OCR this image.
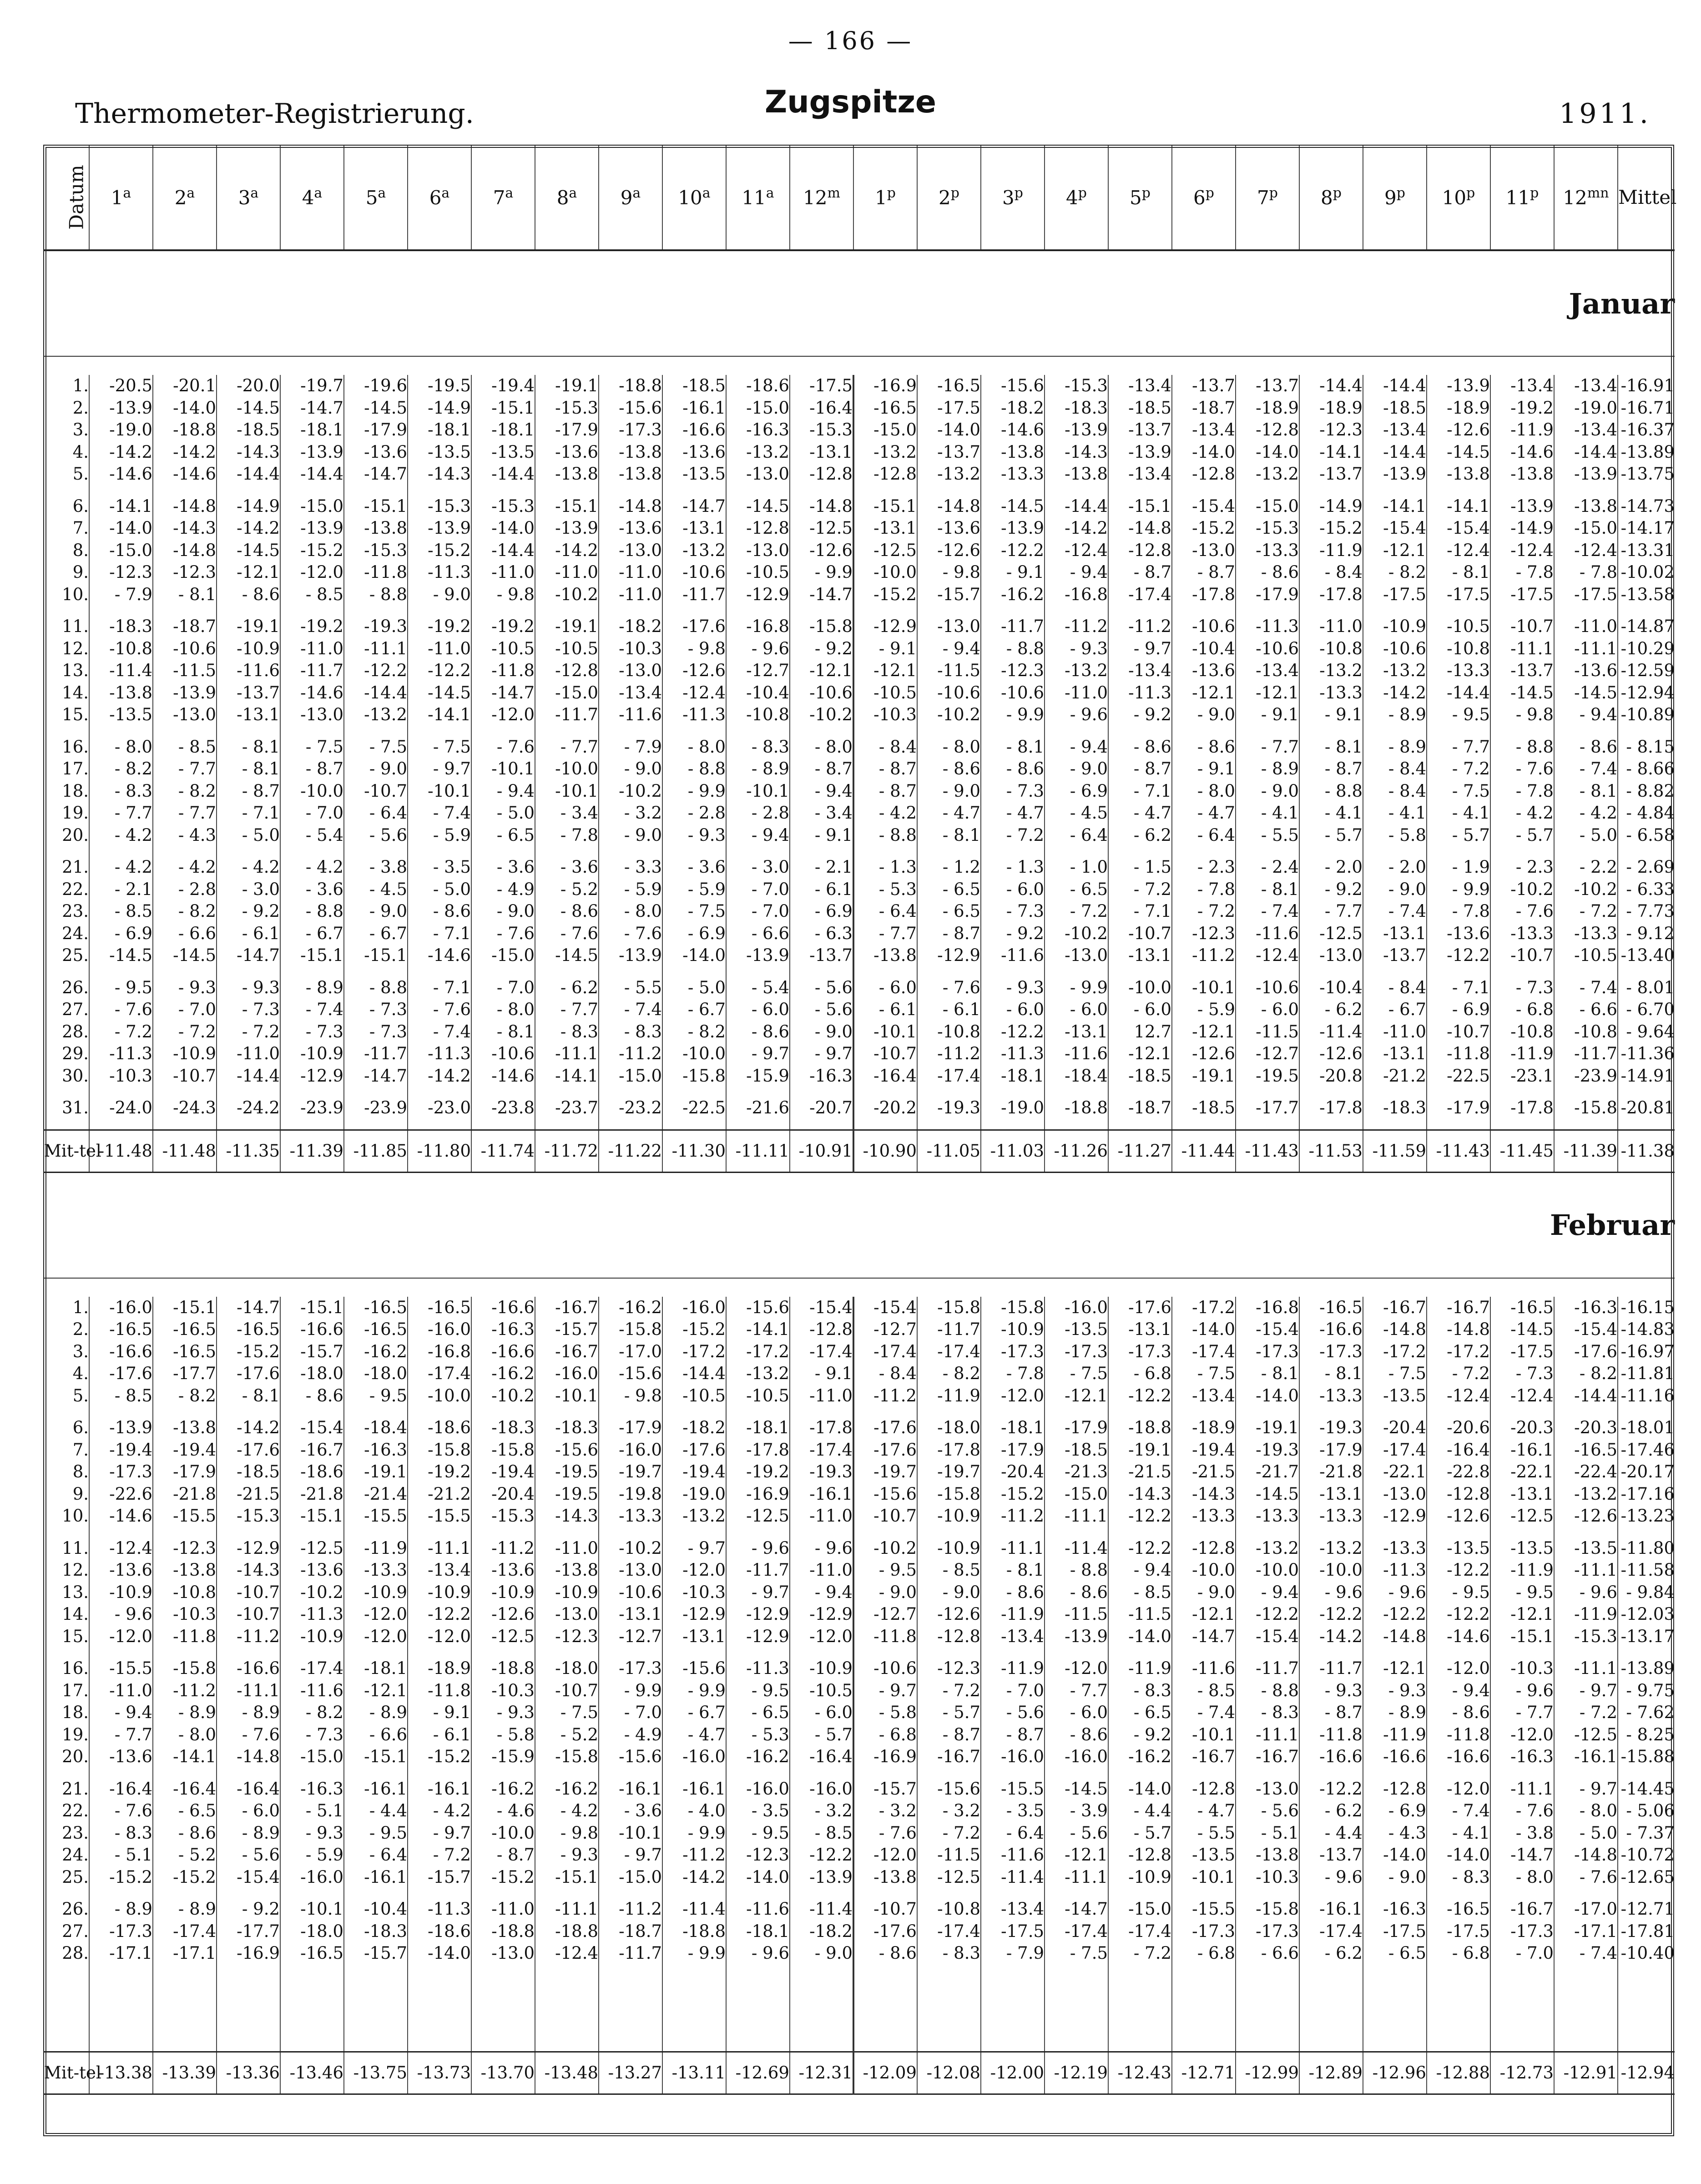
— 166 —
Thermometer-Registrierung.	Zugspitze	1911.
Datum	1$^a$	2$^a$	3$^a$	4$^a$	5$^a$	6$^a$	7$^a$	8$^a$	9$^a$	10$^a$	11$^a$	12$^m$	1$^p$	2$^p$	3$^p$	4$^p$	5$^p$	6$^p$	7$^p$	8$^p$	9$^p$	10$^p$	11$^p$	$12^{mn}$	Mittel
Januar																									

1.	-20.5	-20.1	-20.0	-19.7	-19.6	-19.5	-19.4	-19.1	-18.8	-18.5	-18.6	-17.5	-16.9	-16.5	-15.6	-15.3	-13.4	-13.7	-13.7	-14.4	-14.4	-13.9	-13.4	-13.4	-16.91
2.	-13.9	-14.0	-14.5	-14.7	-14.5	-14.9	-15.1	-15.3	-15.6	-16.1	-15.0	-16.4	-16.5	-17.5	-18.2	-18.3	-18.5	-18.7	-18.9	-18.9	-18.5	-18.9	-19.2	-19.0	-16.71
3.	-19.0	-18.8	-18.5	-18.1	-17.9	-18.1	-18.1	-17.9	-17.3	-16.6	-16.3	-15.3	-15.0	-14.0	-14.6	-13.9	-13.7	-13.4	-12.8	-12.3	-13.4	-12.6	-11.9	-13.4	-16.37
4.	-14.2	-14.2	-14.3	-13.9	-13.6	-13.5	-13.5	-13.6	-13.8	-13.6	-13.2	-13.1	-13.2	-13.7	-13.8	-14.3	-13.9	-14.0	-14.0	-14.1	-14.4	-14.5	-14.6	-14.4	-13.89
5.	-14.6	-14.6	-14.4	-14.4	-14.7	-14.3	-14.4	-13.8	-13.8	-13.5	-13.0	-12.8	-12.8	-13.2	-13.3	-13.8	-13.4	-12.8	-13.2	-13.7	-13.9	-13.8	-13.8	-13.9	-13.75

6.	-14.1	-14.8	-14.9	-15.0	-15.1	-15.3	-15.3	-15.1	-14.8	-14.7	-14.5	-14.8	-15.1	-14.8	-14.5	-14.4	-15.1	-15.4	-15.0	-14.9	-14.1	-14.1	-13.9	-13.8	-14.73
7.	-14.0	-14.3	-14.2	-13.9	-13.8	-13.9	-14.0	-13.9	-13.6	-13.1	-12.8	-12.5	-13.1	-13.6	-13.9	-14.2	-14.8	-15.2	-15.3	-15.2	-15.4	-15.4	-14.9	-15.0	-14.17
8.	-15.0	-14.8	-14.5	-15.2	-15.3	-15.2	-14.4	-14.2	-13.0	-13.2	-13.0	-12.6	-12.5	-12.6	-12.2	-12.4	-12.8	-13.0	-13.3	-11.9	-12.1	-12.4	-12.4	-12.4	-13.31
9.	-12.3	-12.3	-12.1	-12.0	-11.8	-11.3	-11.0	-11.0	-11.0	-10.6	-10.5	- 9.9	-10.0	- 9.8	- 9.1	- 9.4	- 8.7	- 8.7	- 8.6	- 8.4	- 8.2	- 8.1	- 7.8	- 7.8	-10.02
10.	- 7.9	- 8.1	- 8.6	- 8.5	- 8.8	- 9.0	- 9.8	-10.2	-11.0	-11.7	-12.9	-14.7	-15.2	-15.7	-16.2	-16.8	-17.4	-17.8	-17.9	-17.8	-17.5	-17.5	-17.5	-17.5	-13.58

11.	-18.3	-18.7	-19.1	-19.2	-19.3	-19.2	-19.2	-19.1	-18.2	-17.6	-16.8	-15.8	-12.9	-13.0	-11.7	-11.2	-11.2	-10.6	-11.3	-11.0	-10.9	-10.5	-10.7	-11.0	-14.87
12.	-10.8	-10.6	-10.9	-11.0	-11.1	-11.0	-10.5	-10.5	-10.3	- 9.8	- 9.6	- 9.2	- 9.1	- 9.4	- 8.8	- 9.3	- 9.7	-10.4	-10.6	-10.8	-10.6	-10.8	-11.1	-11.1	-10.29
13.	-11.4	-11.5	-11.6	-11.7	-12.2	-12.2	-11.8	-12.8	-13.0	-12.6	-12.7	-12.1	-12.1	-11.5	-12.3	-13.2	-13.4	-13.6	-13.4	-13.2	-13.2	-13.3	-13.7	-13.6	-12.59
14.	-13.8	-13.9	-13.7	-14.6	-14.4	-14.5	-14.7	-15.0	-13.4	-12.4	-10.4	-10.6	-10.5	-10.6	-10.6	-11.0	-11.3	-12.1	-12.1	-13.3	-14.2	-14.4	-14.5	-14.5	-12.94
15.	-13.5	-13.0	-13.1	-13.0	-13.2	-14.1	-12.0	-11.7	-11.6	-11.3	-10.8	-10.2	-10.3	-10.2	- 9.9	- 9.6	- 9.2	- 9.0	- 9.1	- 9.1	- 8.9	- 9.5	- 9.8	- 9.4	-10.89

16.	- 8.0	- 8.5	- 8.1	- 7.5	- 7.5	- 7.5	- 7.6	- 7.7	- 7.9	- 8.0	- 8.3	- 8.0	- 8.4	- 8.0	- 8.1	- 9.4	- 8.6	- 8.6	- 7.7	- 8.1	- 8.9	- 7.7	- 8.8	- 8.6	- 8.15
17.	- 8.2	- 7.7	- 8.1	- 8.7	- 9.0	- 9.7	-10.1	-10.0	- 9.0	- 8.8	- 8.9	- 8.7	- 8.7	- 8.6	- 8.6	- 9.0	- 8.7	- 9.1	- 8.9	- 8.7	- 8.4	- 7.2	- 7.6	- 7.4	- 8.66
18.	- 8.3	- 8.2	- 8.7	-10.0	-10.7	-10.1	- 9.4	-10.1	-10.2	- 9.9	-10.1	- 9.4	- 8.7	- 9.0	- 7.3	- 6.9	- 7.1	- 8.0	- 9.0	- 8.8	- 8.4	- 7.5	- 7.8	- 8.1	- 8.82
19.	- 7.7	- 7.7	- 7.1	- 7.0	- 6.4	- 7.4	- 5.0	- 3.4	- 3.2	- 2.8	- 2.8	- 3.4	- 4.2	- 4.7	- 4.7	- 4.5	- 4.7	- 4.7	- 4.1	- 4.1	- 4.1	- 4.1	- 4.2	- 4.2	- 4.84
20.	- 4.2	- 4.3	- 5.0	- 5.4	- 5.6	- 5.9	- 6.5	- 7.8	- 9.0	- 9.3	- 9.4	- 9.1	- 8.8	- 8.1	- 7.2	- 6.4	- 6.2	- 6.4	- 5.5	- 5.7	- 5.8	- 5.7	- 5.7	- 5.0	- 6.58

21.	- 4.2	- 4.2	- 4.2	- 4.2	- 3.8	- 3.5	- 3.6	- 3.6	- 3.3	- 3.6	- 3.0	- 2.1	- 1.3	- 1.2	- 1.3	- 1.0	- 1.5	- 2.3	- 2.4	- 2.0	- 2.0	- 1.9	- 2.3	- 2.2	- 2.69
22.	- 2.1	- 2.8	- 3.0	- 3.6	- 4.5	- 5.0	- 4.9	- 5.2	- 5.9	- 5.9	- 7.0	- 6.1	- 5.3	- 6.5	- 6.0	- 6.5	- 7.2	- 7.8	- 8.1	- 9.2	- 9.0	- 9.9	-10.2	-10.2	- 6.33
23.	- 8.5	- 8.2	- 9.2	- 8.8	- 9.0	- 8.6	- 9.0	- 8.6	- 8.0	- 7.5	- 7.0	- 6.9	- 6.4	- 6.5	- 7.3	- 7.2	- 7.1	- 7.2	- 7.4	- 7.7	- 7.4	- 7.8	- 7.6	- 7.2	- 7.73
24.	- 6.9	- 6.6	- 6.1	- 6.7	- 6.7	- 7.1	- 7.6	- 7.6	- 7.6	- 6.9	- 6.6	- 6.3	- 7.7	- 8.7	- 9.2	-10.2	-10.7	-12.3	-11.6	-12.5	-13.1	-13.6	-13.3	-13.3	- 9.12
25.	-14.5	-14.5	-14.7	-15.1	-15.1	-14.6	-15.0	-14.5	-13.9	-14.0	-13.9	-13.7	-13.8	-12.9	-11.6	-13.0	-13.1	-11.2	-12.4	-13.0	-13.7	-12.2	-10.7	-10.5	-13.40

26.	- 9.5	- 9.3	- 9.3	- 8.9	- 8.8	- 7.1	- 7.0	- 6.2	- 5.5	- 5.0	- 5.4	- 5.6	- 6.0	- 7.6	- 9.3	- 9.9	-10.0	-10.1	-10.6	-10.4	- 8.4	- 7.1	- 7.3	- 7.4	- 8.01
27.	- 7.6	- 7.0	- 7.3	- 7.4	- 7.3	- 7.6	- 8.0	- 7.7	- 7.4	- 6.7	- 6.0	- 5.6	- 6.1	- 6.1	- 6.0	- 6.0	- 6.0	- 5.9	- 6.0	- 6.2	- 6.7	- 6.9	- 6.8	- 6.6	- 6.70
28.	- 7.2	- 7.2	- 7.2	- 7.3	- 7.3	- 7.4	- 8.1	- 8.3	- 8.3	- 8.2	- 8.6	- 9.0	-10.1	-10.8	-12.2	-13.1	12.7	-12.1	-11.5	-11.4	-11.0	-10.7	-10.8	-10.8	- 9.64
29.	-11.3	-10.9	-11.0	-10.9	-11.7	-11.3	-10.6	-11.1	-11.2	-10.0	- 9.7	- 9.7	-10.7	-11.2	-11.3	-11.6	-12.1	-12.6	-12.7	-12.6	-13.1	-11.8	-11.9	-11.7	-11.36
30.	-10.3	-10.7	-14.4	-12.9	-14.7	-14.2	-14.6	-14.1	-15.0	-15.8	-15.9	-16.3	-16.4	-17.4	-18.1	-18.4	-18.5	-19.1	-19.5	-20.8	-21.2	-22.5	-23.1	-23.9	-14.91

31.	-24.0	-24.3	-24.2	-23.9	-23.9	-23.0	-23.8	-23.7	-23.2	-22.5	-21.6	-20.7	-20.2	-19.3	-19.0	-18.8	-18.7	-18.5	-17.7	-17.8	-18.3	-17.9	-17.8	-15.8	-20.81

Mit-tel	-11.48	-11.48	-11.35	-11.39	-11.85	-11.80	-11.74	-11.72	-11.22	-11.30	-11.11	-10.91	-10.90	-11.05	-11.03	-11.26	-11.27	-11.44	-11.43	-11.53	-11.59	-11.43	-11.45	-11.39	-11.38
Februar																									

1.	-16.0	-15.1	-14.7	-15.1	-16.5	-16.5	-16.6	-16.7	-16.2	-16.0	-15.6	-15.4	-15.4	-15.8	-15.8	-16.0	-17.6	-17.2	-16.8	-16.5	-16.7	-16.7	-16.5	-16.3	-16.15
2.	-16.5	-16.5	-16.5	-16.6	-16.5	-16.0	-16.3	-15.7	-15.8	-15.2	-14.1	-12.8	-12.7	-11.7	-10.9	-13.5	-13.1	-14.0	-15.4	-16.6	-14.8	-14.8	-14.5	-15.4	-14.83
3.	-16.6	-16.5	-15.2	-15.7	-16.2	-16.8	-16.6	-16.7	-17.0	-17.2	-17.2	-17.4	-17.4	-17.4	-17.3	-17.3	-17.3	-17.4	-17.3	-17.3	-17.2	-17.2	-17.5	-17.6	-16.97
4.	-17.6	-17.7	-17.6	-18.0	-18.0	-17.4	-16.2	-16.0	-15.6	-14.4	-13.2	- 9.1	- 8.4	- 8.2	- 7.8	- 7.5	- 6.8	- 7.5	- 8.1	- 8.1	- 7.5	- 7.2	- 7.3	- 8.2	-11.81
5.	- 8.5	- 8.2	- 8.1	- 8.6	- 9.5	-10.0	-10.2	-10.1	- 9.8	-10.5	-10.5	-11.0	-11.2	-11.9	-12.0	-12.1	-12.2	-13.4	-14.0	-13.3	-13.5	-12.4	-12.4	-14.4	-11.16

6.	-13.9	-13.8	-14.2	-15.4	-18.4	-18.6	-18.3	-18.3	-17.9	-18.2	-18.1	-17.8	-17.6	-18.0	-18.1	-17.9	-18.8	-18.9	-19.1	-19.3	-20.4	-20.6	-20.3	-20.3	-18.01
7.	-19.4	-19.4	-17.6	-16.7	-16.3	-15.8	-15.8	-15.6	-16.0	-17.6	-17.8	-17.4	-17.6	-17.8	-17.9	-18.5	-19.1	-19.4	-19.3	-17.9	-17.4	-16.4	-16.1	-16.5	-17.46
8.	-17.3	-17.9	-18.5	-18.6	-19.1	-19.2	-19.4	-19.5	-19.7	-19.4	-19.2	-19.3	-19.7	-19.7	-20.4	-21.3	-21.5	-21.5	-21.7	-21.8	-22.1	-22.8	-22.1	-22.4	-20.17
9.	-22.6	-21.8	-21.5	-21.8	-21.4	-21.2	-20.4	-19.5	-19.8	-19.0	-16.9	-16.1	-15.6	-15.8	-15.2	-15.0	-14.3	-14.3	-14.5	-13.1	-13.0	-12.8	-13.1	-13.2	-17.16
10.	-14.6	-15.5	-15.3	-15.1	-15.5	-15.5	-15.3	-14.3	-13.3	-13.2	-12.5	-11.0	-10.7	-10.9	-11.2	-11.1	-12.2	-13.3	-13.3	-13.3	-12.9	-12.6	-12.5	-12.6	-13.23

11.	-12.4	-12.3	-12.9	-12.5	-11.9	-11.1	-11.2	-11.0	-10.2	- 9.7	- 9.6	- 9.6	-10.2	-10.9	-11.1	-11.4	-12.2	-12.8	-13.2	-13.2	-13.3	-13.5	-13.5	-13.5	-11.80
12.	-13.6	-13.8	-14.3	-13.6	-13.3	-13.4	-13.6	-13.8	-13.0	-12.0	-11.7	-11.0	- 9.5	- 8.5	- 8.1	- 8.8	- 9.4	-10.0	-10.0	-10.0	-11.3	-12.2	-11.9	-11.1	-11.58
13.	-10.9	-10.8	-10.7	-10.2	-10.9	-10.9	-10.9	-10.9	-10.6	-10.3	- 9.7	- 9.4	- 9.0	- 9.0	- 8.6	- 8.6	- 8.5	- 9.0	- 9.4	- 9.6	- 9.6	- 9.5	- 9.5	- 9.6	- 9.84
14.	- 9.6	-10.3	-10.7	-11.3	-12.0	-12.2	-12.6	-13.0	-13.1	-12.9	-12.9	-12.9	-12.7	-12.6	-11.9	-11.5	-11.5	-12.1	-12.2	-12.2	-12.2	-12.2	-12.1	-11.9	-12.03
15.	-12.0	-11.8	-11.2	-10.9	-12.0	-12.0	-12.5	-12.3	-12.7	-13.1	-12.9	-12.0	-11.8	-12.8	-13.4	-13.9	-14.0	-14.7	-15.4	-14.2	-14.8	-14.6	-15.1	-15.3	-13.17

16.	-15.5	-15.8	-16.6	-17.4	-18.1	-18.9	-18.8	-18.0	-17.3	-15.6	-11.3	-10.9	-10.6	-12.3	-11.9	-12.0	-11.9	-11.6	-11.7	-11.7	-12.1	-12.0	-10.3	-11.1	-13.89
17.	-11.0	-11.2	-11.1	-11.6	-12.1	-11.8	-10.3	-10.7	- 9.9	- 9.9	- 9.5	-10.5	- 9.7	- 7.2	- 7.0	- 7.7	- 8.3	- 8.5	- 8.8	- 9.3	- 9.3	- 9.4	- 9.6	- 9.7	- 9.75
18.	- 9.4	- 8.9	- 8.9	- 8.2	- 8.9	- 9.1	- 9.3	- 7.5	- 7.0	- 6.7	- 6.5	- 6.0	- 5.8	- 5.7	- 5.6	- 6.0	- 6.5	- 7.4	- 8.3	- 8.7	- 8.9	- 8.6	- 7.7	- 7.2	- 7.62
19.	- 7.7	- 8.0	- 7.6	- 7.3	- 6.6	- 6.1	- 5.8	- 5.2	- 4.9	- 4.7	- 5.3	- 5.7	- 6.8	- 8.7	- 8.7	- 8.6	- 9.2	-10.1	-11.1	-11.8	-11.9	-11.8	-12.0	-12.5	- 8.25
20.	-13.6	-14.1	-14.8	-15.0	-15.1	-15.2	-15.9	-15.8	-15.6	-16.0	-16.2	-16.4	-16.9	-16.7	-16.0	-16.0	-16.2	-16.7	-16.7	-16.6	-16.6	-16.6	-16.3	-16.1	-15.88

21.	-16.4	-16.4	-16.4	-16.3	-16.1	-16.1	-16.2	-16.2	-16.1	-16.1	-16.0	-16.0	-15.7	-15.6	-15.5	-14.5	-14.0	-12.8	-13.0	-12.2	-12.8	-12.0	-11.1	- 9.7	-14.45
22.	- 7.6	- 6.5	- 6.0	- 5.1	- 4.4	- 4.2	- 4.6	- 4.2	- 3.6	- 4.0	- 3.5	- 3.2	- 3.2	- 3.2	- 3.5	- 3.9	- 4.4	- 4.7	- 5.6	- 6.2	- 6.9	- 7.4	- 7.6	- 8.0	- 5.06
23.	- 8.3	- 8.6	- 8.9	- 9.3	- 9.5	- 9.7	-10.0	- 9.8	-10.1	- 9.9	- 9.5	- 8.5	- 7.6	- 7.2	- 6.4	- 5.6	- 5.7	- 5.5	- 5.1	- 4.4	- 4.3	- 4.1	- 3.8	- 5.0	- 7.37
24.	- 5.1	- 5.2	- 5.6	- 5.9	- 6.4	- 7.2	- 8.7	- 9.3	- 9.7	-11.2	-12.3	-12.2	-12.0	-11.5	-11.6	-12.1	-12.8	-13.5	-13.8	-13.7	-14.0	-14.0	-14.7	-14.8	-10.72
25.	-15.2	-15.2	-15.4	-16.0	-16.1	-15.7	-15.2	-15.1	-15.0	-14.2	-14.0	-13.9	-13.8	-12.5	-11.4	-11.1	-10.9	-10.1	-10.3	- 9.6	- 9.0	- 8.3	- 8.0	- 7.6	-12.65

26.	- 8.9	- 8.9	- 9.2	-10.1	-10.4	-11.3	-11.0	-11.1	-11.2	-11.4	-11.6	-11.4	-10.7	-10.8	-13.4	-14.7	-15.0	-15.5	-15.8	-16.1	-16.3	-16.5	-16.7	-17.0	-12.71
27.	-17.3	-17.4	-17.7	-18.0	-18.3	-18.6	-18.8	-18.8	-18.7	-18.8	-18.1	-18.2	-17.6	-17.4	-17.5	-17.4	-17.4	-17.3	-17.3	-17.4	-17.5	-17.5	-17.3	-17.1	-17.81
28.	-17.1	-17.1	-16.9	-16.5	-15.7	-14.0	-13.0	-12.4	-11.7	- 9.9	- 9.6	- 9.0	- 8.6	- 8.3	- 7.9	- 7.5	- 7.2	- 6.8	- 6.6	- 6.2	- 6.5	- 6.8	- 7.0	- 7.4	-10.40

Mit-tel	-13.38	-13.39	-13.36	-13.46	-13.75	-13.73	-13.70	-13.48	-13.27	-13.11	-12.69	-12.31	-12.09	-12.08	-12.00	-12.19	-12.43	-12.71	-12.99	-12.89	-12.96	-12.88	-12.73	-12.91	-12.94
